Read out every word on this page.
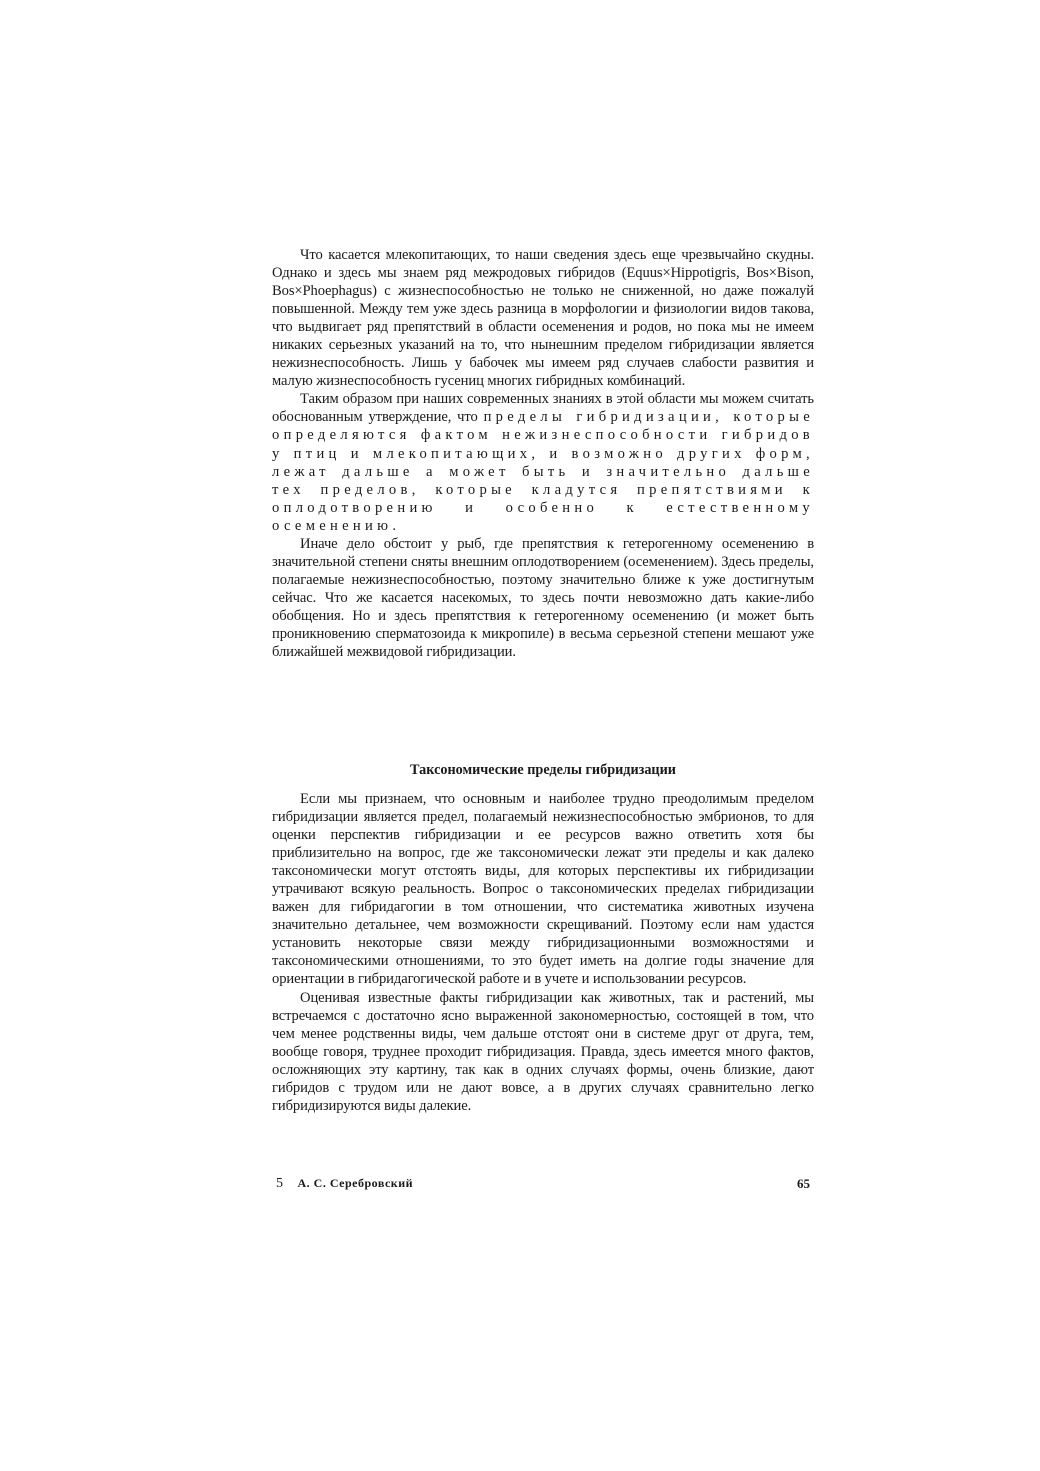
Что касается млекопитающих, то наши сведения здесь еще чрезвычайно скудны. Однако и здесь мы знаем ряд межродовых гибридов (Equus×Hippotigris, Bos×Bison, Bos×Phoephagus) с жизнеспособностью не только не сниженной, но даже пожалуй повышенной. Между тем уже здесь разница в морфологии и физиологии видов такова, что выдвигает ряд препятствий в области осеменения и родов, но пока мы не имеем никаких серьезных указаний на то, что нынешним пределом гибридизации является нежизнеспособность. Лишь у бабочек мы имеем ряд случаев слабости развития и малую жизнеспособность гусениц многих гибридных комбинаций.

Таким образом при наших современных знаниях в этой области мы можем считать обоснованным утверждение, что пределы гибридизации, которые определяются фактом нежизнеспособности гибридов у птиц и млекопитающих, и возможно других форм, лежат дальше а может быть и значительно дальше тех пределов, которые кладутся препятствиями к оплодотворению и особенно к естественному осеменению.

Иначе дело обстоит у рыб, где препятствия к гетерогенному осеменению в значительной степени сняты внешним оплодотворением (осеменением). Здесь пределы, полагаемые нежизнеспособностью, поэтому значительно ближе к уже достигнутым сейчас. Что же касается насекомых, то здесь почти невозможно дать какие-либо обобщения. Но и здесь препятствия к гетерогенному осеменению (и может быть проникновению сперматозоида к микропиле) в весьма серьезной степени мешают уже ближайшей межвидовой гибридизации.

Таксономические пределы гибридизации

Если мы признаем, что основным и наиболее трудно преодолимым пределом гибридизации является предел, полагаемый нежизнеспособностью эмбрионов, то для оценки перспектив гибридизации и ее ресурсов важно ответить хотя бы приблизительно на вопрос, где же таксономически лежат эти пределы и как далеко таксономически могут отстоять виды, для которых перспективы их гибридизации утрачивают всякую реальность. Вопрос о таксономических пределах гибридизации важен для гибридагогии в том отношении, что систематика животных изучена значительно детальнее, чем возможности скрещиваний. Поэтому если нам удастся установить некоторые связи между гибридизационными возможностями и таксономическими отношениями, то это будет иметь на долгие годы значение для ориентации в гибридагогической работе и в учете и использовании ресурсов.

Оценивая известные факты гибридизации как животных, так и растений, мы встречаемся с достаточно ясно выраженной закономерностью, состоящей в том, что чем менее родственны виды, чем дальше отстоят они в системе друг от друга, тем, вообще говоря, труднее проходит гибридизация. Правда, здесь имеется много фактов, осложняющих эту картину, так как в одних случаях формы, очень близкие, дают гибридов с трудом или не дают вовсе, а в других случаях сравнительно легко гибридизируются виды далекие.

5 А. С. Серебровский	65
